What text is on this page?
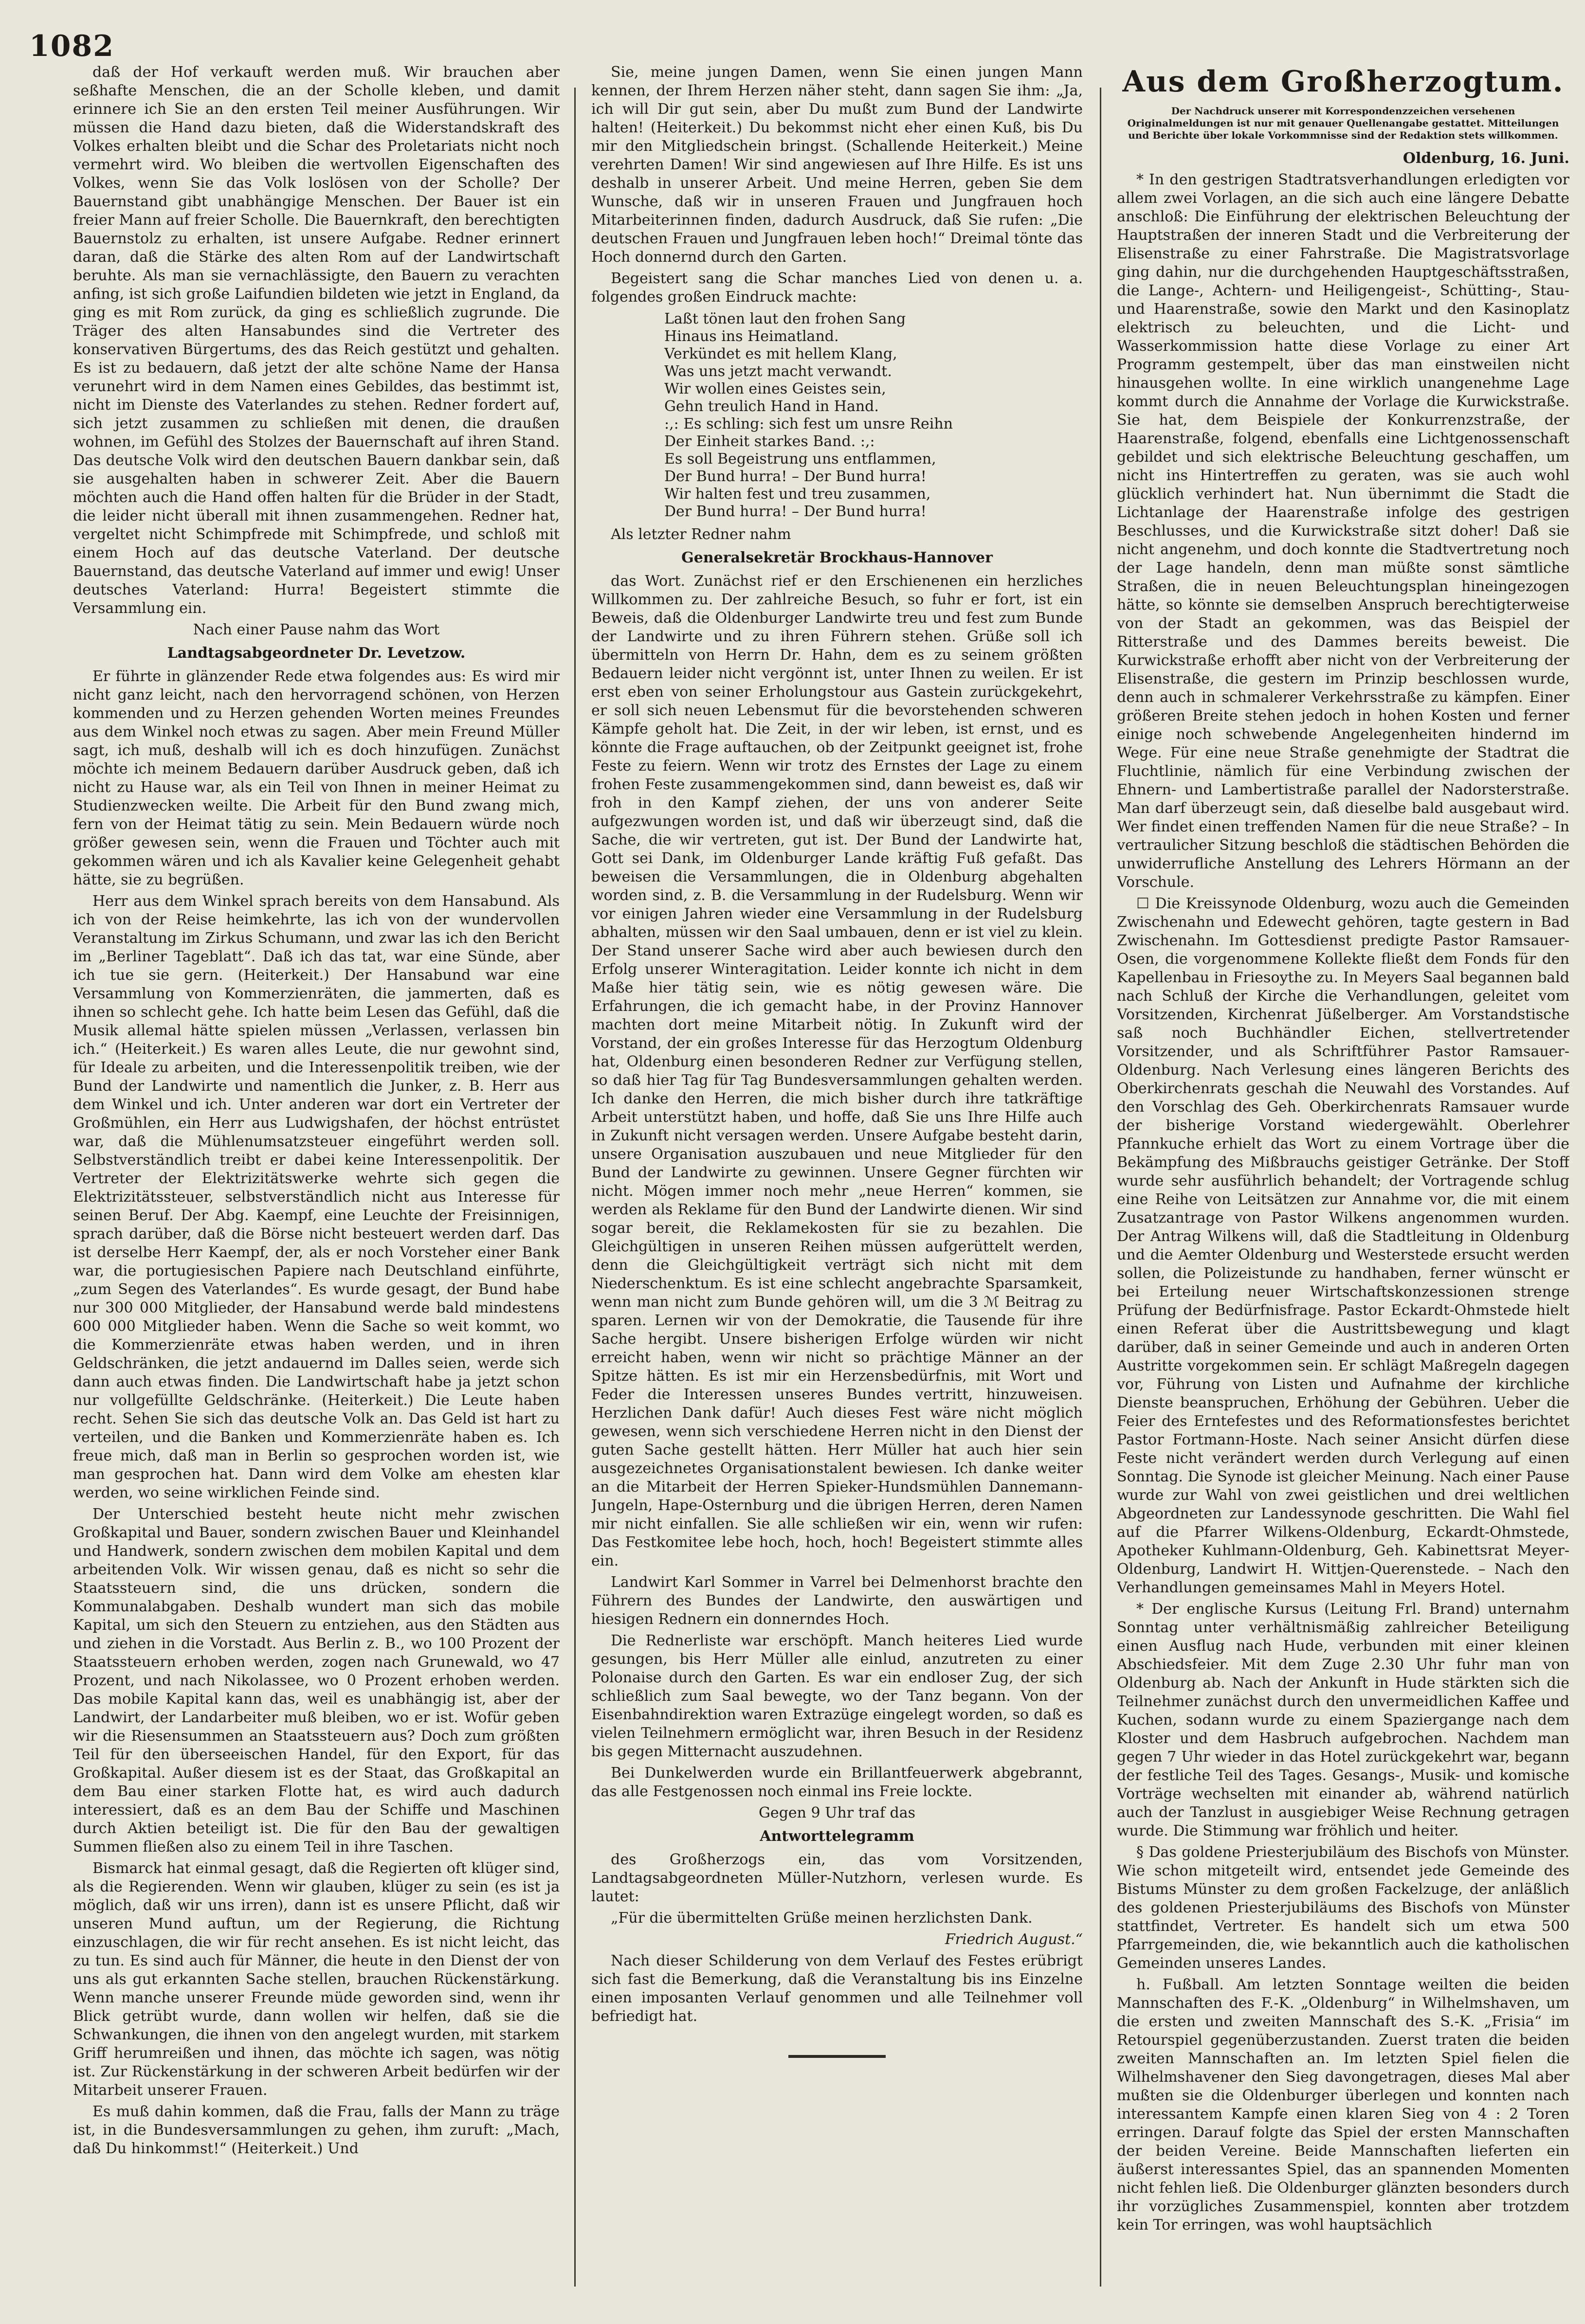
1082

daß der Hof verkauft werden muß. Wir brauchen aber seßhafte Menschen, die an der Scholle kleben, und damit erinnere ich Sie an den ersten Teil meiner Ausführungen. Wir müssen die Hand dazu bieten, daß die Widerstandskraft des Volkes erhalten bleibt und die Schar des Proletariats nicht noch vermehrt wird. Wo bleiben die wertvollen Eigenschaften des Volkes, wenn Sie das Volk loslösen von der Scholle? Der Bauernstand gibt unabhängige Menschen. Der Bauer ist ein freier Mann auf freier Scholle. Die Bauernkraft, den berechtigten Bauernstolz zu erhalten, ist unsere Aufgabe. Redner erinnert daran, daß die Stärke des alten Rom auf der Landwirtschaft beruhte. Als man sie vernachlässigte, den Bauern zu verachten anfing, ist sich große Laifundien bildeten wie jetzt in England, da ging es mit Rom zurück, da ging es schließlich zugrunde. Die Träger des alten Hansabundes sind die Vertreter des konservativen Bürgertums, des das Reich gestützt und gehalten. Es ist zu bedauern, daß jetzt der alte schöne Name der Hansa verunehrt wird in dem Namen eines Gebildes, das bestimmt ist, nicht im Dienste des Vaterlandes zu stehen. Redner fordert auf, sich jetzt zusammen zu schließen mit denen, die draußen wohnen, im Gefühl des Stolzes der Bauernschaft auf ihren Stand. Das deutsche Volk wird den deutschen Bauern dankbar sein, daß sie ausgehalten haben in schwerer Zeit. Aber die Bauern möchten auch die Hand offen halten für die Brüder in der Stadt, die leider nicht überall mit ihnen zusammengehen. Redner hat, vergeltet nicht Schimpfrede mit Schimpfrede, und schloß mit einem Hoch auf das deutsche Vaterland. Der deutsche Bauernstand, das deutsche Vaterland auf immer und ewig! Unser deutsches Vaterland: Hurra! Begeistert stimmte die Versammlung ein.

Nach einer Pause nahm das Wort

Landtagsabgeordneter Dr. Levetzow.

Er führte in glänzender Rede etwa folgendes aus: Es wird mir nicht ganz leicht, nach den hervorragend schönen, von Herzen kommenden und zu Herzen gehenden Worten meines Freundes aus dem Winkel noch etwas zu sagen. Aber mein Freund Müller sagt, ich muß, deshalb will ich es doch hinzufügen. Zunächst möchte ich meinem Bedauern darüber Ausdruck geben, daß ich nicht zu Hause war, als ein Teil von Ihnen in meiner Heimat zu Studienzwecken weilte. Die Arbeit für den Bund zwang mich, fern von der Heimat tätig zu sein. Mein Bedauern würde noch größer gewesen sein, wenn die Frauen und Töchter auch mit gekommen wären und ich als Kavalier keine Gelegenheit gehabt hätte, sie zu begrüßen.

Herr aus dem Winkel sprach bereits von dem Hansabund. Als ich von der Reise heimkehrte, las ich von der wundervollen Veranstaltung im Zirkus Schumann, und zwar las ich den Bericht im „Berliner Tageblatt“. Daß ich das tat, war eine Sünde, aber ich tue sie gern. (Heiterkeit.) Der Hansabund war eine Versammlung von Kommerzienräten, die jammerten, daß es ihnen so schlecht gehe. Ich hatte beim Lesen das Gefühl, daß die Musik allemal hätte spielen müssen „Verlassen, verlassen bin ich.“ (Heiterkeit.) Es waren alles Leute, die nur gewohnt sind, für Ideale zu arbeiten, und die Interessenpolitik treiben, wie der Bund der Landwirte und namentlich die Junker, z. B. Herr aus dem Winkel und ich. Unter anderen war dort ein Vertreter der Großmühlen, ein Herr aus Ludwigshafen, der höchst entrüstet war, daß die Mühlenumsatzsteuer eingeführt werden soll. Selbstverständlich treibt er dabei keine Interessenpolitik. Der Vertreter der Elektrizitätswerke wehrte sich gegen die Elektrizitätssteuer, selbstverständlich nicht aus Interesse für seinen Beruf. Der Abg. Kaempf, eine Leuchte der Freisinnigen, sprach darüber, daß die Börse nicht besteuert werden darf. Das ist derselbe Herr Kaempf, der, als er noch Vorsteher einer Bank war, die portugiesischen Papiere nach Deutschland einführte, „zum Segen des Vaterlandes“. Es wurde gesagt, der Bund habe nur 300 000 Mitglieder, der Hansabund werde bald mindestens 600 000 Mitglieder haben. Wenn die Sache so weit kommt, wo die Kommerzienräte etwas haben werden, und in ihren Geldschränken, die jetzt andauernd im Dalles seien, werde sich dann auch etwas finden. Die Landwirtschaft habe ja jetzt schon nur vollgefüllte Geldschränke. (Heiterkeit.) Die Leute haben recht. Sehen Sie sich das deutsche Volk an. Das Geld ist hart zu verteilen, und die Banken und Kommerzienräte haben es. Ich freue mich, daß man in Berlin so gesprochen worden ist, wie man gesprochen hat. Dann wird dem Volke am ehesten klar werden, wo seine wirklichen Feinde sind.

Der Unterschied besteht heute nicht mehr zwischen Großkapital und Bauer, sondern zwischen Bauer und Kleinhandel und Handwerk, sondern zwischen dem mobilen Kapital und dem arbeitenden Volk. Wir wissen genau, daß es nicht so sehr die Staatssteuern sind, die uns drücken, sondern die Kommunalabgaben. Deshalb wundert man sich das mobile Kapital, um sich den Steuern zu entziehen, aus den Städten aus und ziehen in die Vorstadt. Aus Berlin z. B., wo 100 Prozent der Staatssteuern erhoben werden, zogen nach Grunewald, wo 47 Prozent, und nach Nikolassee, wo 0 Prozent erhoben werden. Das mobile Kapital kann das, weil es unabhängig ist, aber der Landwirt, der Landarbeiter muß bleiben, wo er ist. Wofür geben wir die Riesensummen an Staatssteuern aus? Doch zum größten Teil für den überseeischen Handel, für den Export, für das Großkapital. Außer diesem ist es der Staat, das Großkapital an dem Bau einer starken Flotte hat, es wird auch dadurch interessiert, daß es an dem Bau der Schiffe und Maschinen durch Aktien beteiligt ist. Die für den Bau der gewaltigen Summen fließen also zu einem Teil in ihre Taschen.

Bismarck hat einmal gesagt, daß die Regierten oft klüger sind, als die Regierenden. Wenn wir glauben, klüger zu sein (es ist ja möglich, daß wir uns irren), dann ist es unsere Pflicht, daß wir unseren Mund auftun, um der Regierung, die Richtung einzuschlagen, die wir für recht ansehen. Es ist nicht leicht, das zu tun. Es sind auch für Männer, die heute in den Dienst der von uns als gut erkannten Sache stellen, brauchen Rückenstärkung. Wenn manche unserer Freunde müde geworden sind, wenn ihr Blick getrübt wurde, dann wollen wir helfen, daß sie die Schwankungen, die ihnen von den angelegt wurden, mit starkem Griff herumreißen und ihnen, das möchte ich sagen, was nötig ist. Zur Rückenstärkung in der schweren Arbeit bedürfen wir der Mitarbeit unserer Frauen.

Es muß dahin kommen, daß die Frau, falls der Mann zu träge ist, in die Bundesversammlungen zu gehen, ihm zuruft: „Mach, daß Du hinkommst!“ (Heiterkeit.) Und

Sie, meine jungen Damen, wenn Sie einen jungen Mann kennen, der Ihrem Herzen näher steht, dann sagen Sie ihm: „Ja, ich will Dir gut sein, aber Du mußt zum Bund der Landwirte halten! (Heiterkeit.) Du bekommst nicht eher einen Kuß, bis Du mir den Mitgliedschein bringst. (Schallende Heiterkeit.) Meine verehrten Damen! Wir sind angewiesen auf Ihre Hilfe. Es ist uns deshalb in unserer Arbeit. Und meine Herren, geben Sie dem Wunsche, daß wir in unseren Frauen und Jungfrauen hoch Mitarbeiterinnen finden, dadurch Ausdruck, daß Sie rufen: „Die deutschen Frauen und Jungfrauen leben hoch!“ Dreimal tönte das Hoch donnernd durch den Garten.

Begeistert sang die Schar manches Lied von denen u. a. folgendes großen Eindruck machte:

Laßt tönen laut den frohen Sang
Hinaus ins Heimatland.
Verkündet es mit hellem Klang,
Was uns jetzt macht verwandt.
Wir wollen eines Geistes sein,
Gehn treulich Hand in Hand.
:,: Es schling: sich fest um unsre Reihn
Der Einheit starkes Band. :,:
Es soll Begeistrung uns entflammen,
Der Bund hurra! – Der Bund hurra!
Wir halten fest und treu zusammen,
Der Bund hurra! – Der Bund hurra!

Als letzter Redner nahm

Generalsekretär Brockhaus-Hannover

das Wort. Zunächst rief er den Erschienenen ein herzliches Willkommen zu. Der zahlreiche Besuch, so fuhr er fort, ist ein Beweis, daß die Oldenburger Landwirte treu und fest zum Bunde der Landwirte und zu ihren Führern stehen. Grüße soll ich übermitteln von Herrn Dr. Hahn, dem es zu seinem größten Bedauern leider nicht vergönnt ist, unter Ihnen zu weilen. Er ist erst eben von seiner Erholungstour aus Gastein zurückgekehrt, er soll sich neuen Lebensmut für die bevorstehenden schweren Kämpfe geholt hat. Die Zeit, in der wir leben, ist ernst, und es könnte die Frage auftauchen, ob der Zeitpunkt geeignet ist, frohe Feste zu feiern. Wenn wir trotz des Ernstes der Lage zu einem frohen Feste zusammengekommen sind, dann beweist es, daß wir froh in den Kampf ziehen, der uns von anderer Seite aufgezwungen worden ist, und daß wir überzeugt sind, daß die Sache, die wir vertreten, gut ist. Der Bund der Landwirte hat, Gott sei Dank, im Oldenburger Lande kräftig Fuß gefaßt. Das beweisen die Versammlungen, die in Oldenburg abgehalten worden sind, z. B. die Versammlung in der Rudelsburg. Wenn wir vor einigen Jahren wieder eine Versammlung in der Rudelsburg abhalten, müssen wir den Saal umbauen, denn er ist viel zu klein. Der Stand unserer Sache wird aber auch bewiesen durch den Erfolg unserer Winteragitation. Leider konnte ich nicht in dem Maße hier tätig sein, wie es nötig gewesen wäre. Die Erfahrungen, die ich gemacht habe, in der Provinz Hannover machten dort meine Mitarbeit nötig. In Zukunft wird der Vorstand, der ein großes Interesse für das Herzogtum Oldenburg hat, Oldenburg einen besonderen Redner zur Verfügung stellen, so daß hier Tag für Tag Bundesversammlungen gehalten werden. Ich danke den Herren, die mich bisher durch ihre tatkräftige Arbeit unterstützt haben, und hoffe, daß Sie uns Ihre Hilfe auch in Zukunft nicht versagen werden. Unsere Aufgabe besteht darin, unsere Organisation auszubauen und neue Mitglieder für den Bund der Landwirte zu gewinnen. Unsere Gegner fürchten wir nicht. Mögen immer noch mehr „neue Herren“ kommen, sie werden als Reklame für den Bund der Landwirte dienen. Wir sind sogar bereit, die Reklamekosten für sie zu bezahlen. Die Gleichgültigen in unseren Reihen müssen aufgerüttelt werden, denn die Gleichgültigkeit verträgt sich nicht mit dem Niederschenktum. Es ist eine schlecht angebrachte Sparsamkeit, wenn man nicht zum Bunde gehören will, um die 3 ℳ Beitrag zu sparen. Lernen wir von der Demokratie, die Tausende für ihre Sache hergibt. Unsere bisherigen Erfolge würden wir nicht erreicht haben, wenn wir nicht so prächtige Männer an der Spitze hätten. Es ist mir ein Herzensbedürfnis, mit Wort und Feder die Interessen unseres Bundes vertritt, hinzuweisen. Herzlichen Dank dafür! Auch dieses Fest wäre nicht möglich gewesen, wenn sich verschiedene Herren nicht in den Dienst der guten Sache gestellt hätten. Herr Müller hat auch hier sein ausgezeichnetes Organisationstalent bewiesen. Ich danke weiter an die Mitarbeit der Herren Spieker-Hundsmühlen Dannemann-Jungeln, Hape-Osternburg und die übrigen Herren, deren Namen mir nicht einfallen. Sie alle schließen wir ein, wenn wir rufen: Das Festkomitee lebe hoch, hoch, hoch! Begeistert stimmte alles ein.

Landwirt Karl Sommer in Varrel bei Delmenhorst brachte den Führern des Bundes der Landwirte, den auswärtigen und hiesigen Rednern ein donnerndes Hoch.

Die Rednerliste war erschöpft. Manch heiteres Lied wurde gesungen, bis Herr Müller alle einlud, anzutreten zu einer Polonaise durch den Garten. Es war ein endloser Zug, der sich schließlich zum Saal bewegte, wo der Tanz begann. Von der Eisenbahndirektion waren Extrazüge eingelegt worden, so daß es vielen Teilnehmern ermöglicht war, ihren Besuch in der Residenz bis gegen Mitternacht auszudehnen.

Bei Dunkelwerden wurde ein Brillantfeuerwerk abgebrannt, das alle Festgenossen noch einmal ins Freie lockte.

Gegen 9 Uhr traf das

Antworttelegramm

des Großherzogs ein, das vom Vorsitzenden, Landtagsabgeordneten Müller-Nutzhorn, verlesen wurde. Es lautet:

„Für die übermittelten Grüße meinen herzlichsten Dank.

Friedrich August.“

Nach dieser Schilderung von dem Verlauf des Festes erübrigt sich fast die Bemerkung, daß die Veranstaltung bis ins Einzelne einen imposanten Verlauf genommen und alle Teilnehmer voll befriedigt hat.

Aus dem Großherzogtum.
Der Nachdruck unserer mit Korrespondenzzeichen versehenen Originalmeldungen ist nur mit genauer Quellenangabe gestattet. Mitteilungen und Berichte über lokale Vorkommnisse sind der Redaktion stets willkommen.
Oldenburg, 16. Juni.

* In den gestrigen Stadtratsverhandlungen erledigten vor allem zwei Vorlagen, an die sich auch eine längere Debatte anschloß: Die Einführung der elektrischen Beleuchtung der Hauptstraßen der inneren Stadt und die Verbreiterung der Elisenstraße zu einer Fahrstraße. Die Magistratsvorlage ging dahin, nur die durchgehenden Hauptgeschäftsstraßen, die Lange-, Achtern- und Heiligengeist-, Schütting-, Stau- und Haarenstraße, sowie den Markt und den Kasinoplatz elektrisch zu beleuchten, und die Licht- und Wasserkommission hatte diese Vorlage zu einer Art Programm gestempelt, über das man einstweilen nicht hinausgehen wollte. In eine wirklich unangenehme Lage kommt durch die Annahme der Vorlage die Kurwickstraße. Sie hat, dem Beispiele der Konkurrenzstraße, der Haarenstraße, folgend, ebenfalls eine Lichtgenossenschaft gebildet und sich elektrische Beleuchtung geschaffen, um nicht ins Hintertreffen zu geraten, was sie auch wohl glücklich verhindert hat. Nun übernimmt die Stadt die Lichtanlage der Haarenstraße infolge des gestrigen Beschlusses, und die Kurwickstraße sitzt doher! Daß sie nicht angenehm, und doch konnte die Stadtvertretung noch der Lage handeln, denn man müßte sonst sämtliche Straßen, die in neuen Beleuchtungsplan hineingezogen hätte, so könnte sie demselben Anspruch berechtigterweise von der Stadt an gekommen, was das Beispiel der Ritterstraße und des Dammes bereits beweist. Die Kurwickstraße erhofft aber nicht von der Verbreiterung der Elisenstraße, die gestern im Prinzip beschlossen wurde, denn auch in schmalerer Verkehrsstraße zu kämpfen. Einer größeren Breite stehen jedoch in hohen Kosten und ferner einige noch schwebende Angelegenheiten hindernd im Wege. Für eine neue Straße genehmigte der Stadtrat die Fluchtlinie, nämlich für eine Verbindung zwischen der Ehnern- und Lambertistraße parallel der Nadorsterstraße. Man darf überzeugt sein, daß dieselbe bald ausgebaut wird. Wer findet einen treffenden Namen für die neue Straße? – In vertraulicher Sitzung beschloß die städtischen Behörden die unwiderrufliche Anstellung des Lehrers Hörmann an der Vorschule.

☐ Die Kreissynode Oldenburg, wozu auch die Gemeinden Zwischenahn und Edewecht gehören, tagte gestern in Bad Zwischenahn. Im Gottesdienst predigte Pastor Ramsauer-Osen, die vorgenommene Kollekte fließt dem Fonds für den Kapellenbau in Friesoythe zu. In Meyers Saal begannen bald nach Schluß der Kirche die Verhandlungen, geleitet vom Vorsitzenden, Kirchenrat Jüßelberger. Am Vorstandstische saß noch Buchhändler Eichen, stellvertretender Vorsitzender, und als Schriftführer Pastor Ramsauer-Oldenburg. Nach Verlesung eines längeren Berichts des Oberkirchenrats geschah die Neuwahl des Vorstandes. Auf den Vorschlag des Geh. Oberkirchenrats Ramsauer wurde der bisherige Vorstand wiedergewählt. Oberlehrer Pfannkuche erhielt das Wort zu einem Vortrage über die Bekämpfung des Mißbrauchs geistiger Getränke. Der Stoff wurde sehr ausführlich behandelt; der Vortragende schlug eine Reihe von Leitsätzen zur Annahme vor, die mit einem Zusatzantrage von Pastor Wilkens angenommen wurden. Der Antrag Wilkens will, daß die Stadtleitung in Oldenburg und die Aemter Oldenburg und Westerstede ersucht werden sollen, die Polizeistunde zu handhaben, ferner wünscht er bei Erteilung neuer Wirtschaftskonzessionen strenge Prüfung der Bedürfnisfrage. Pastor Eckardt-Ohmstede hielt einen Referat über die Austrittsbewegung und klagt darüber, daß in seiner Gemeinde und auch in anderen Orten Austritte vorgekommen sein. Er schlägt Maßregeln dagegen vor, Führung von Listen und Aufnahme der kirchliche Dienste beanspruchen, Erhöhung der Gebühren. Ueber die Feier des Erntefestes und des Reformationsfestes berichtet Pastor Fortmann-Hoste. Nach seiner Ansicht dürfen diese Feste nicht verändert werden durch Verlegung auf einen Sonntag. Die Synode ist gleicher Meinung. Nach einer Pause wurde zur Wahl von zwei geistlichen und drei weltlichen Abgeordneten zur Landessynode geschritten. Die Wahl fiel auf die Pfarrer Wilkens-Oldenburg, Eckardt-Ohmstede, Apotheker Kuhlmann-Oldenburg, Geh. Kabinettsrat Meyer-Oldenburg, Landwirt H. Wittjen-Querenstede. – Nach den Verhandlungen gemeinsames Mahl in Meyers Hotel.

* Der englische Kursus (Leitung Frl. Brand) unternahm Sonntag unter verhältnismäßig zahlreicher Beteiligung einen Ausflug nach Hude, verbunden mit einer kleinen Abschiedsfeier. Mit dem Zuge 2.30 Uhr fuhr man von Oldenburg ab. Nach der Ankunft in Hude stärkten sich die Teilnehmer zunächst durch den unvermeidlichen Kaffee und Kuchen, sodann wurde zu einem Spaziergange nach dem Kloster und dem Hasbruch aufgebrochen. Nachdem man gegen 7 Uhr wieder in das Hotel zurückgekehrt war, begann der festliche Teil des Tages. Gesangs-, Musik- und komische Vorträge wechselten mit einander ab, während natürlich auch der Tanzlust in ausgiebiger Weise Rechnung getragen wurde. Die Stimmung war fröhlich und heiter.

§ Das goldene Priesterjubiläum des Bischofs von Münster. Wie schon mitgeteilt wird, entsendet jede Gemeinde des Bistums Münster zu dem großen Fackelzuge, der anläßlich des goldenen Priesterjubiläums des Bischofs von Münster stattfindet, Vertreter. Es handelt sich um etwa 500 Pfarrgemeinden, die, wie bekanntlich auch die katholischen Gemeinden unseres Landes.

h. Fußball. Am letzten Sonntage weilten die beiden Mannschaften des F.-K. „Oldenburg“ in Wilhelmshaven, um die ersten und zweiten Mannschaft des S.-K. „Frisia“ im Retourspiel gegenüberzustanden. Zuerst traten die beiden zweiten Mannschaften an. Im letzten Spiel fielen die Wilhelmshavener den Sieg davongetragen, dieses Mal aber mußten sie die Oldenburger überlegen und konnten nach interessantem Kampfe einen klaren Sieg von 4 : 2 Toren erringen. Darauf folgte das Spiel der ersten Mannschaften der beiden Vereine. Beide Mannschaften lieferten ein äußerst interessantes Spiel, das an spannenden Momenten nicht fehlen ließ. Die Oldenburger glänzten besonders durch ihr vorzügliches Zusammenspiel, konnten aber trotzdem kein Tor erringen, was wohl hauptsächlich
